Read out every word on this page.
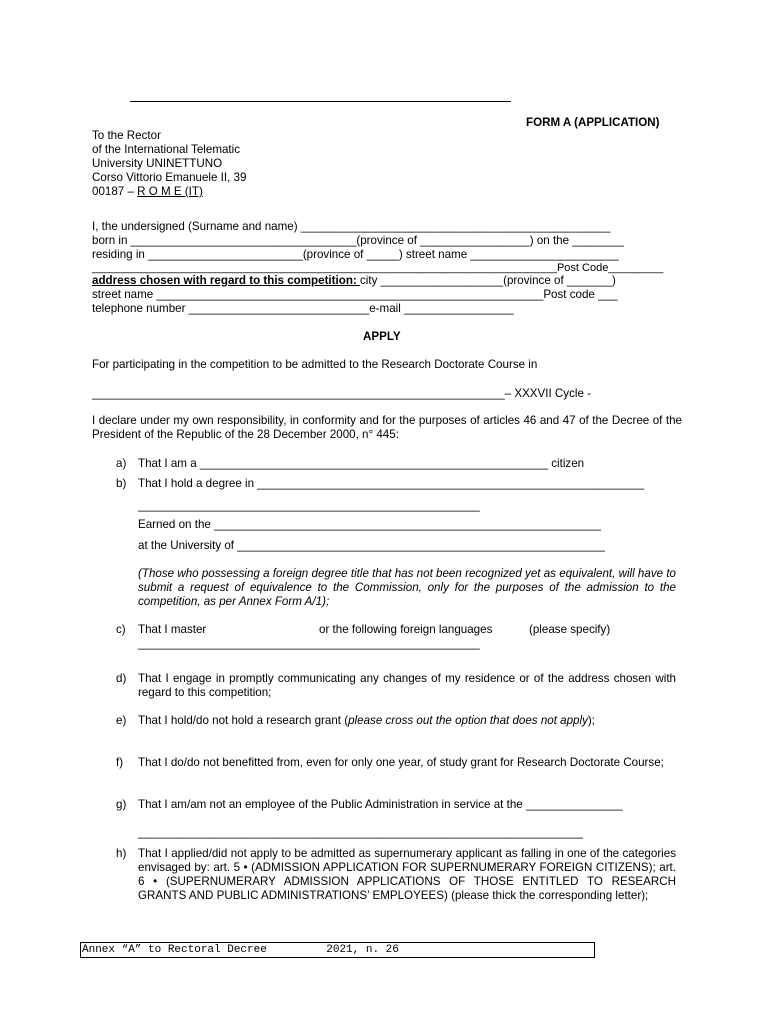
FORM A (APPLICATION)
To the Rector
of the International Telematic
University UNINETTUNO
Corso Vittorio Emanuele II, 39
00187 – R O M E (IT)
I, the undersigned (Surname and name) ________________________________________________
born in ___________________________________(province of _________________) on the ________
residing in ________________________(province of _____) street name _______________________
____________________________________________________________________________Post Code_________
address chosen with regard to this competition: city ___________________(province of _______)
street name ____________________________________________________________Post code ___
telephone number ____________________________e-mail _________________
APPLY
For participating in the competition to be admitted to the Research Doctorate Course in
________________________________________________________________– XXXVII Cycle -
I declare under my own responsibility, in conformity and for the purposes of articles 46 and 47 of the Decree of the President of the Republic of the 28 December 2000, n° 445:
a) That I am a ______________________________________________________ citizen
b) That I hold a degree in ____________________________________________________________
_____________________________________________________
Earned on the ____________________________________________________________
at the University of _________________________________________________________
(Those who possessing a foreign degree title that has not been recognized yet as equivalent, will have to submit a request of equivalence to the Commission, only for the purposes of the admission to the competition, as per Annex Form A/1);
c) That I master	or the following foreign languages	(please specify)
_____________________________________________________
d) That I engage in promptly communicating any changes of my residence or of the address chosen with regard to this competition;
e) That I hold/do not hold a research grant (please cross out the option that does not apply);
f) That I do/do not benefitted from, even for only one year, of study grant for Research Doctorate Course;
g) That I am/am not an employee of the Public Administration in service at the _______________
_____________________________________________________________________
h) That I applied/did not apply to be admitted as supernumerary applicant as falling in one of the categories envisaged by: art. 5 • (ADMISSION APPLICATION FOR SUPERNUMERARY FOREIGN CITIZENS); art. 6 • (SUPERNUMERARY ADMISSION APPLICATIONS OF THOSE ENTITLED TO RESEARCH GRANTS AND PUBLIC ADMINISTRATIONS’ EMPLOYEES) (please thick the corresponding letter);
Annex “A” to Rectoral Decree         2021, n. 26
